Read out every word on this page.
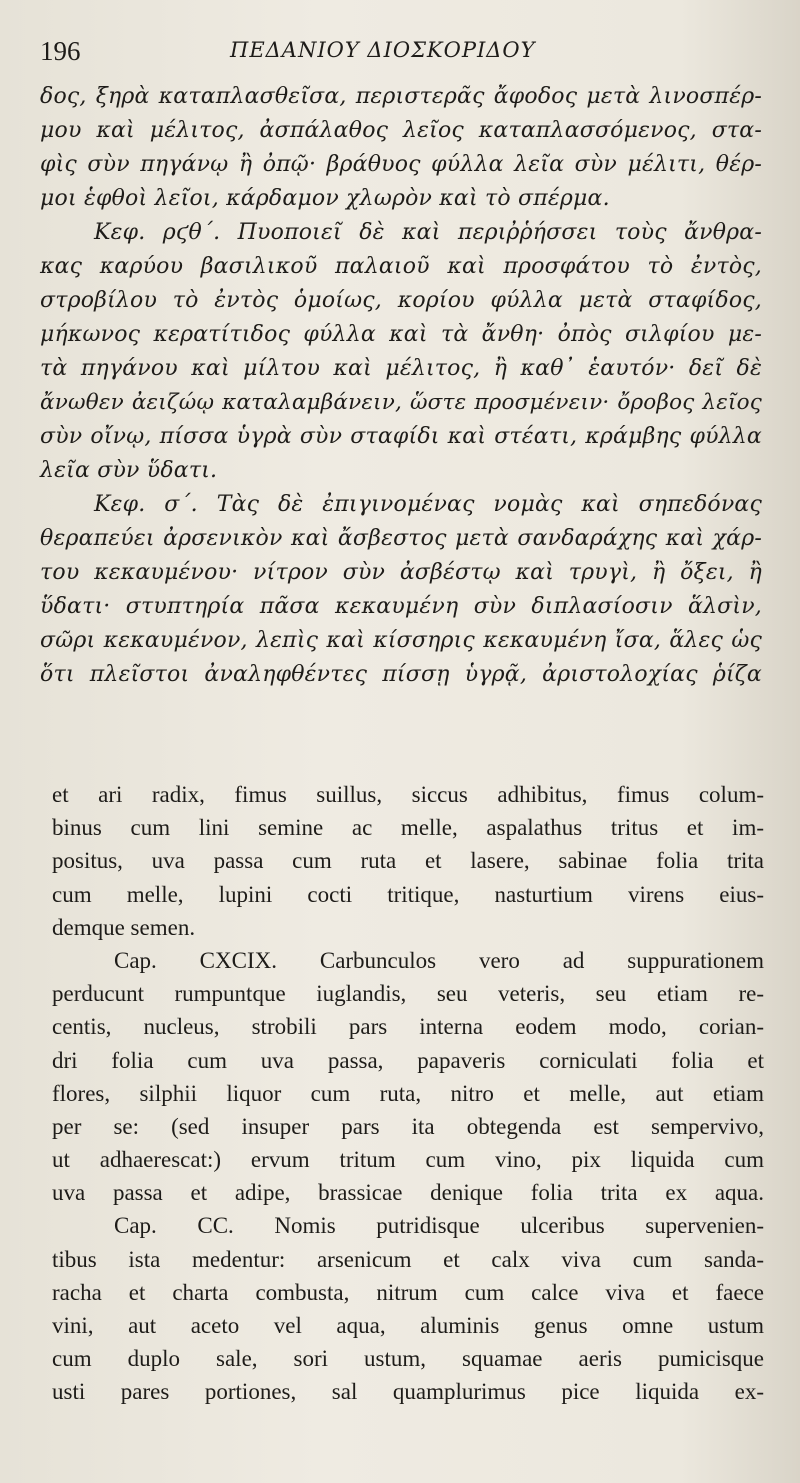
196	ΠΕΔΑΝΙΟΥ ΔΙΟΣΚΟΡΙΔΟΥ
δος, ξηρὰ καταπλασθεῖσα, περιστερᾶς ἄφοδος μετὰ λινοσπέρ-
μου καὶ μέλιτος, ἀσπάλαθος λεῖος καταπλασσόμενος, στα-
φὶς σὺν πηγάνῳ ἢ ὀπῷ· βράθυος φύλλα λεῖα σὺν μέλιτι, θέρ-
μοι ἑφθοὶ λεῖοι, κάρδαμον χλωρὸν καὶ τὸ σπέρμα.
Κεφ. ρϛθ΄. Πυοποιεῖ δὲ καὶ περιῤῥήσσει τοὺς ἄνθρα-
κας καρύου βασιλικοῦ παλαιοῦ καὶ προσφάτου τὸ ἐντὸς,
στροβίλου τὸ ἐντὸς ὁμοίως, κορίου φύλλα μετὰ σταφίδος,
μήκωνος κερατίτιδος φύλλα καὶ τὰ ἄνθη· ὀπὸς σιλφίου με-
τὰ πηγάνου καὶ μίλτου καὶ μέλιτος, ἢ καθ᾽ ἑαυτόν· δεῖ δὲ
ἄνωθεν ἀειζώῳ καταλαμβάνειν, ὥστε προσμένειν· ὄροβος λεῖος
σὺν οἴνῳ, πίσσα ὑγρὰ σὺν σταφίδι καὶ στέατι, κράμβης φύλλα
λεῖα σὺν ὕδατι.
Κεφ. σ΄. Τὰς δὲ ἐπιγινομένας νομὰς καὶ σηπεδόνας
θεραπεύει ἀρσενικὸν καὶ ἄσβεστος μετὰ σανδαράχης καὶ χάρ-
του κεκαυμένου· νίτρον σὺν ἀσβέστῳ καὶ τρυγὶ, ἢ ὄξει, ἢ
ὕδατι· στυπτηρία πᾶσα κεκαυμένη σὺν διπλασίοσιν ἅλσὶν,
σῶρι κεκαυμένον, λεπὶς καὶ κίσσηρις κεκαυμένη ἴσα, ἅλες ὡς
ὅτι πλεῖστοι ἀναληφθέντες πίσσῃ ὑγρᾷ, ἀριστολοχίας ῥίζα
et ari radix, fimus suillus, siccus adhibitus, fimus colum-
binus cum lini semine ac melle, aspalathus tritus et im-
positus, uva passa cum ruta et lasere, sabinae folia trita
cum melle, lupini cocti tritique, nasturtium virens eius-
demque semen.
Cap. CXCIX. Carbunculos vero ad suppurationem
perducunt rumpuntque iuglandis, seu veteris, seu etiam re-
centis, nucleus, strobili pars interna eodem modo, corian-
dri folia cum uva passa, papaveris corniculati folia et
flores, silphii liquor cum ruta, nitro et melle, aut etiam
per se: (sed insuper pars ita obtegenda est sempervivo,
ut adhaerescat:) ervum tritum cum vino, pix liquida cum
uva passa et adipe, brassicae denique folia trita ex aqua.
Cap. CC. Nomis putridisque ulceribus supervenien-
tibus ista medentur: arsenicum et calx viva cum sanda-
racha et charta combusta, nitrum cum calce viva et faece
vini, aut aceto vel aqua, aluminis genus omne ustum
cum duplo sale, sori ustum, squamae aeris pumicisque
usti pares portiones, sal quamplurimus pice liquida ex-
